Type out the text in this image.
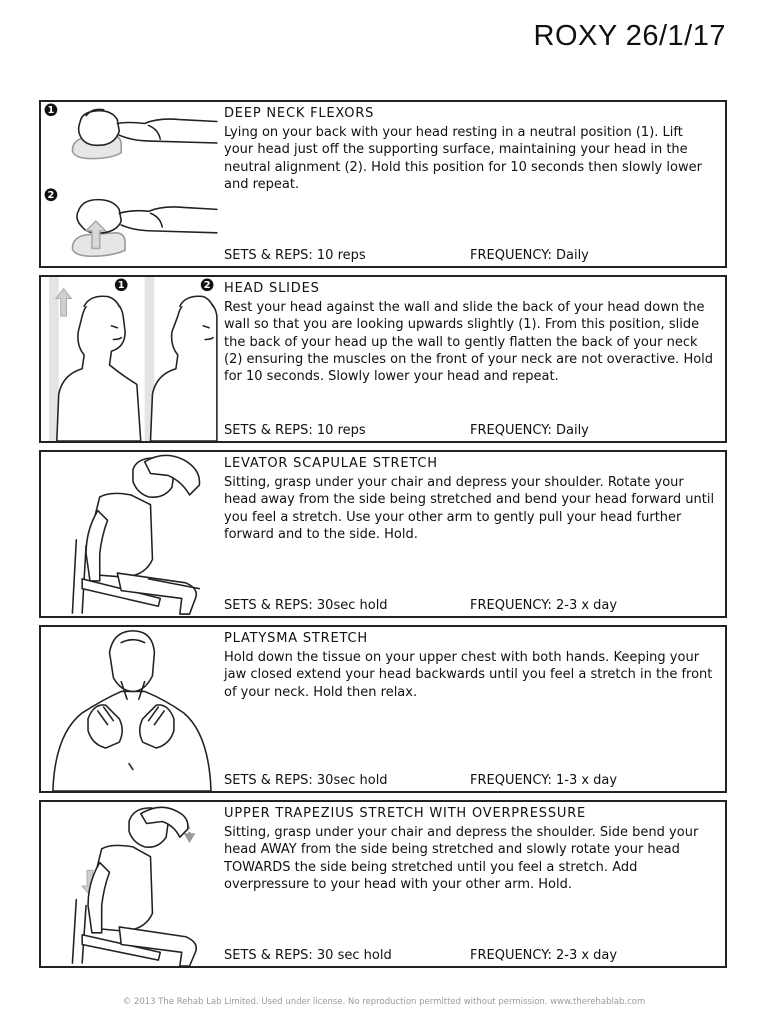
ROXY 26/1/17
1
2
DEEP NECK FLEXORS
Lying on your back with your head resting in a neutral position (1). Lift your head just off the supporting surface, maintaining your head in the neutral alignment (2). Hold this position for 10 seconds then slowly lower and repeat.
SETS & REPS: 10 reps	FREQUENCY: Daily
1	2 HEAD SLIDES
Rest your head against the wall and slide the back of your head down the wall so that you are looking upwards slightly (1). From this position, slide the back of your head up the wall to gently flatten the back of your neck (2) ensuring the muscles on the front of your neck are not overactive. Hold for 10 seconds. Slowly lower your head and repeat.
SETS & REPS: 10 reps	FREQUENCY: Daily
LEVATOR SCAPULAE STRETCH
Sitting, grasp under your chair and depress your shoulder. Rotate your head away from the side being stretched and bend your head forward until you feel a stretch. Use your other arm to gently pull your head further forward and to the side. Hold.
SETS & REPS: 30sec hold	FREQUENCY: 2-3 x day
PLATYSMA STRETCH
Hold down the tissue on your upper chest with both hands. Keeping your jaw closed extend your head backwards until you feel a stretch in the front of your neck. Hold then relax.
SETS & REPS: 30sec hold	FREQUENCY: 1-3 x day
UPPER TRAPEZIUS STRETCH WITH OVERPRESSURE
Sitting, grasp under your chair and depress the shoulder. Side bend your head AWAY from the side being stretched and slowly rotate your head TOWARDS the side being stretched until you feel a stretch. Add overpressure to your head with your other arm. Hold.
SETS & REPS: 30 sec hold	FREQUENCY: 2-3 x day
© 2013 The Rehab Lab Limited. Used under license. No reproduction permitted without permission. www.therehablab.com
